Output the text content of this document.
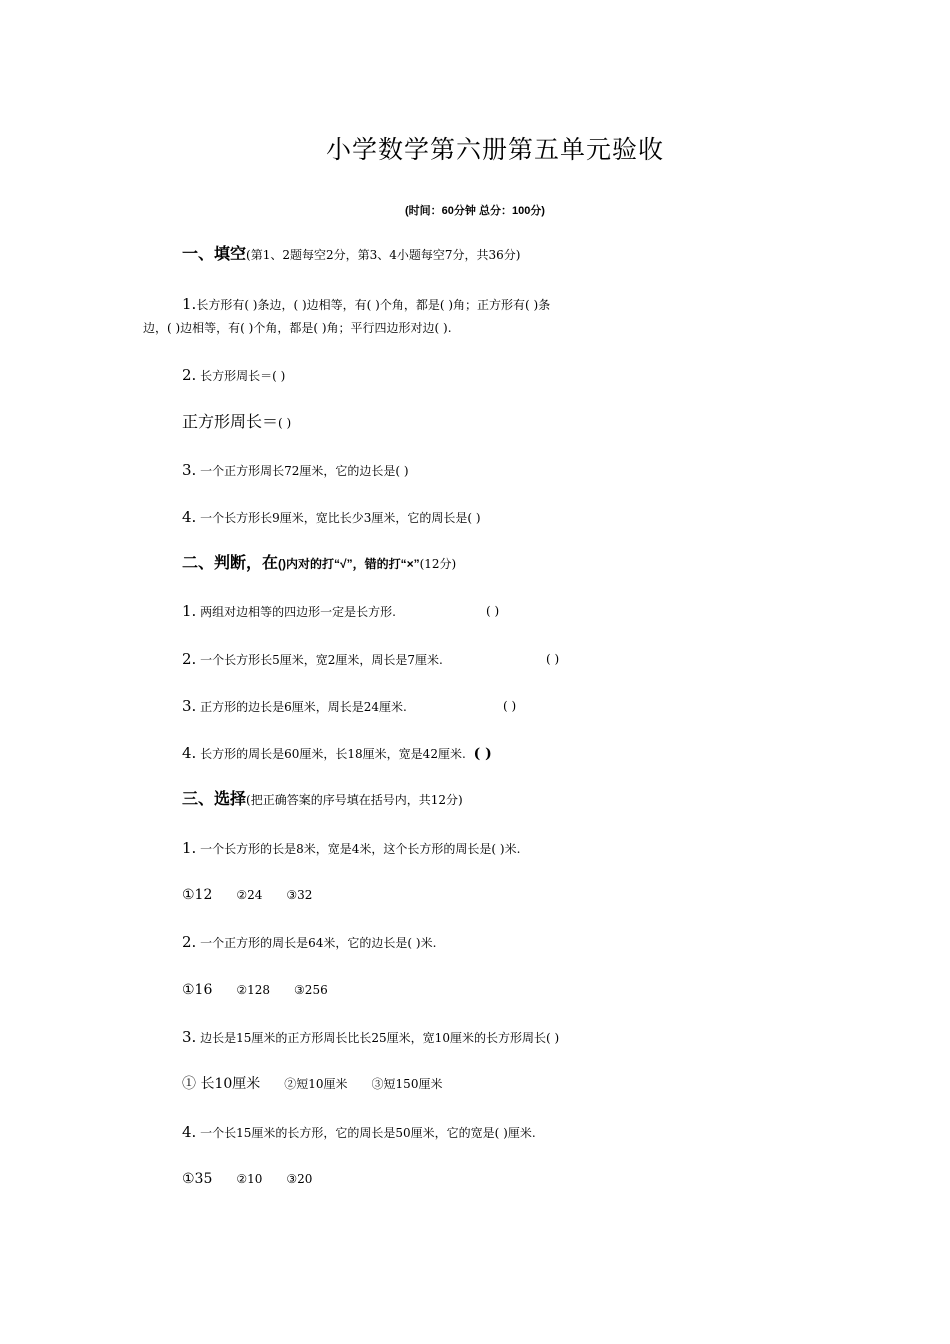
小学数学第六册第五单元验收
(时间：60分钟 总分：100分)
一、填空(第1、2题每空2分，第3、4小题每空7分，共36分)
1.长方形有( )条边，( )边相等，有( )个角，都是( )角；正方形有( )条
边，( )边相等，有( )个角，都是( )角；平行四边形对边( ).
2. 长方形周长＝( )
正方形周长＝( )
3. 一个正方形周长72厘米，它的边长是( )
4. 一个长方形长9厘米，宽比长少3厘米，它的周长是( )
二、判断，在()内对的打“√”，错的打“×”(12分)
1. 两组对边相等的四边形一定是长方形.	( )
2. 一个长方形长5厘米，宽2厘米，周长是7厘米.	( )
3. 正方形的边长是6厘米，周长是24厘米.	( )
4. 长方形的周长是60厘米，长18厘米，宽是42厘米. ( )
三、选择(把正确答案的序号填在括号内，共12分)
1. 一个长方形的长是8米，宽是4米，这个长方形的周长是( )米.
①12 ②24 ③32
2. 一个正方形的周长是64米，它的边长是( )米.
①16 ②128 ③256
3. 边长是15厘米的正方形周长比长25厘米，宽10厘米的长方形周长( )
① 长10厘米 ②短10厘米 ③短150厘米
4. 一个长15厘米的长方形，它的周长是50厘米，它的宽是( )厘米.
①35 ②10 ③20
